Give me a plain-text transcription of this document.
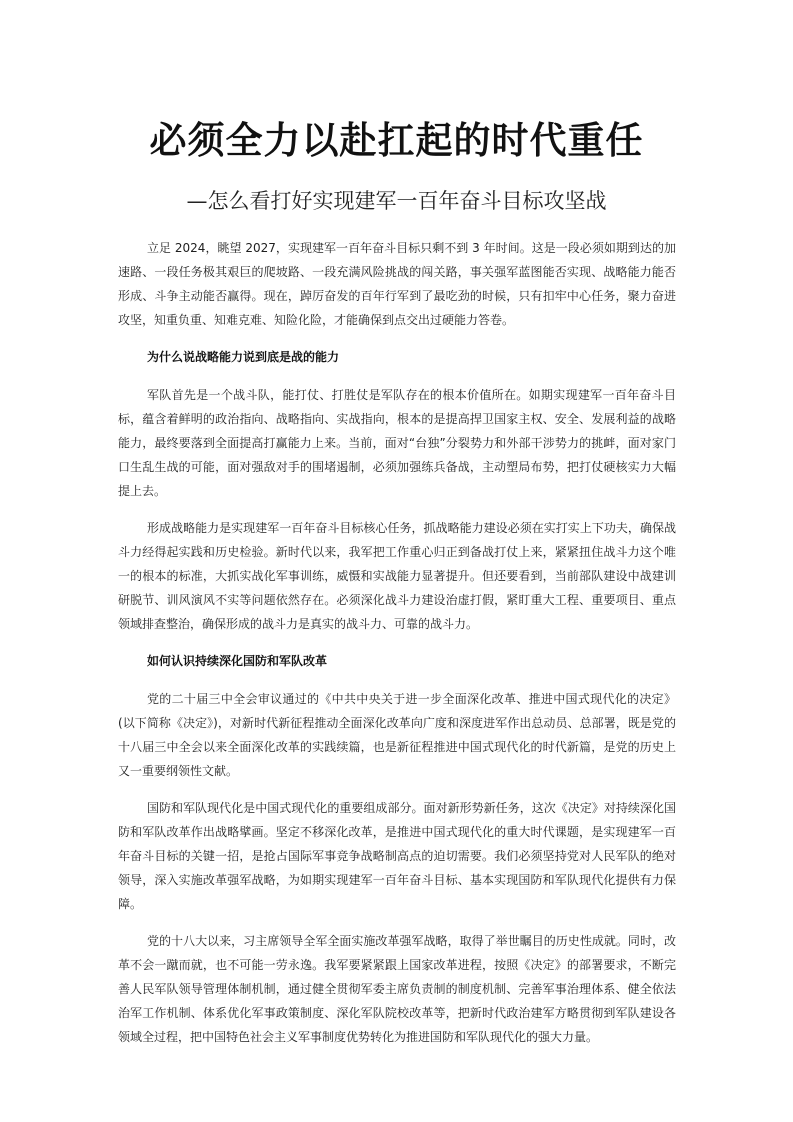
必须全力以赴扛起的时代重任
—怎么看打好实现建军一百年奋斗目标攻坚战

立足 2024，眺望 2027，实现建军一百年奋斗目标只剩不到 3 年时间。这是一段必须如期到达的加速路、一段任务极其艰巨的爬坡路、一段充满风险挑战的闯关路，事关强军蓝图能否实现、战略能力能否形成、斗争主动能否赢得。现在，踔厉奋发的百年行军到了最吃劲的时候，只有扣牢中心任务，聚力奋进攻坚，知重负重、知难克难、知险化险，才能确保到点交出过硬能力答卷。

为什么说战略能力说到底是战的能力

军队首先是一个战斗队，能打仗、打胜仗是军队存在的根本价值所在。如期实现建军一百年奋斗目标，蕴含着鲜明的政治指向、战略指向、实战指向，根本的是提高捍卫国家主权、安全、发展利益的战略能力，最终要落到全面提高打赢能力上来。当前，面对“台独”分裂势力和外部干涉势力的挑衅，面对家门口生乱生战的可能，面对强敌对手的围堵遏制，必须加强练兵备战，主动塑局布势，把打仗硬核实力大幅提上去。

形成战略能力是实现建军一百年奋斗目标核心任务，抓战略能力建设必须在实打实上下功夫，确保战斗力经得起实践和历史检验。新时代以来，我军把工作重心归正到备战打仗上来，紧紧扭住战斗力这个唯一的根本的标准，大抓实战化军事训练，威慑和实战能力显著提升。但还要看到，当前部队建设中战建训研脱节、训风演风不实等问题依然存在。必须深化战斗力建设治虚打假，紧盯重大工程、重要项目、重点领域排查整治，确保形成的战斗力是真实的战斗力、可靠的战斗力。

如何认识持续深化国防和军队改革

党的二十届三中全会审议通过的《中共中央关于进一步全面深化改革、推进中国式现代化的决定》(以下简称《决定》)，对新时代新征程推动全面深化改革向广度和深度进军作出总动员、总部署，既是党的十八届三中全会以来全面深化改革的实践续篇，也是新征程推进中国式现代化的时代新篇，是党的历史上又一重要纲领性文献。

国防和军队现代化是中国式现代化的重要组成部分。面对新形势新任务，这次《决定》对持续深化国防和军队改革作出战略擘画。坚定不移深化改革，是推进中国式现代化的重大时代课题，是实现建军一百年奋斗目标的关键一招，是抢占国际军事竞争战略制高点的迫切需要。我们必须坚持党对人民军队的绝对领导，深入实施改革强军战略，为如期实现建军一百年奋斗目标、基本实现国防和军队现代化提供有力保障。

党的十八大以来，习主席领导全军全面实施改革强军战略，取得了举世瞩目的历史性成就。同时，改革不会一蹴而就，也不可能一劳永逸。我军要紧紧跟上国家改革进程，按照《决定》的部署要求，不断完善人民军队领导管理体制机制，通过健全贯彻军委主席负责制的制度机制、完善军事治理体系、健全依法治军工作机制、体系优化军事政策制度、深化军队院校改革等，把新时代政治建军方略贯彻到军队建设各领域全过程，把中国特色社会主义军事制度优势转化为推进国防和军队现代化的强大力量。
